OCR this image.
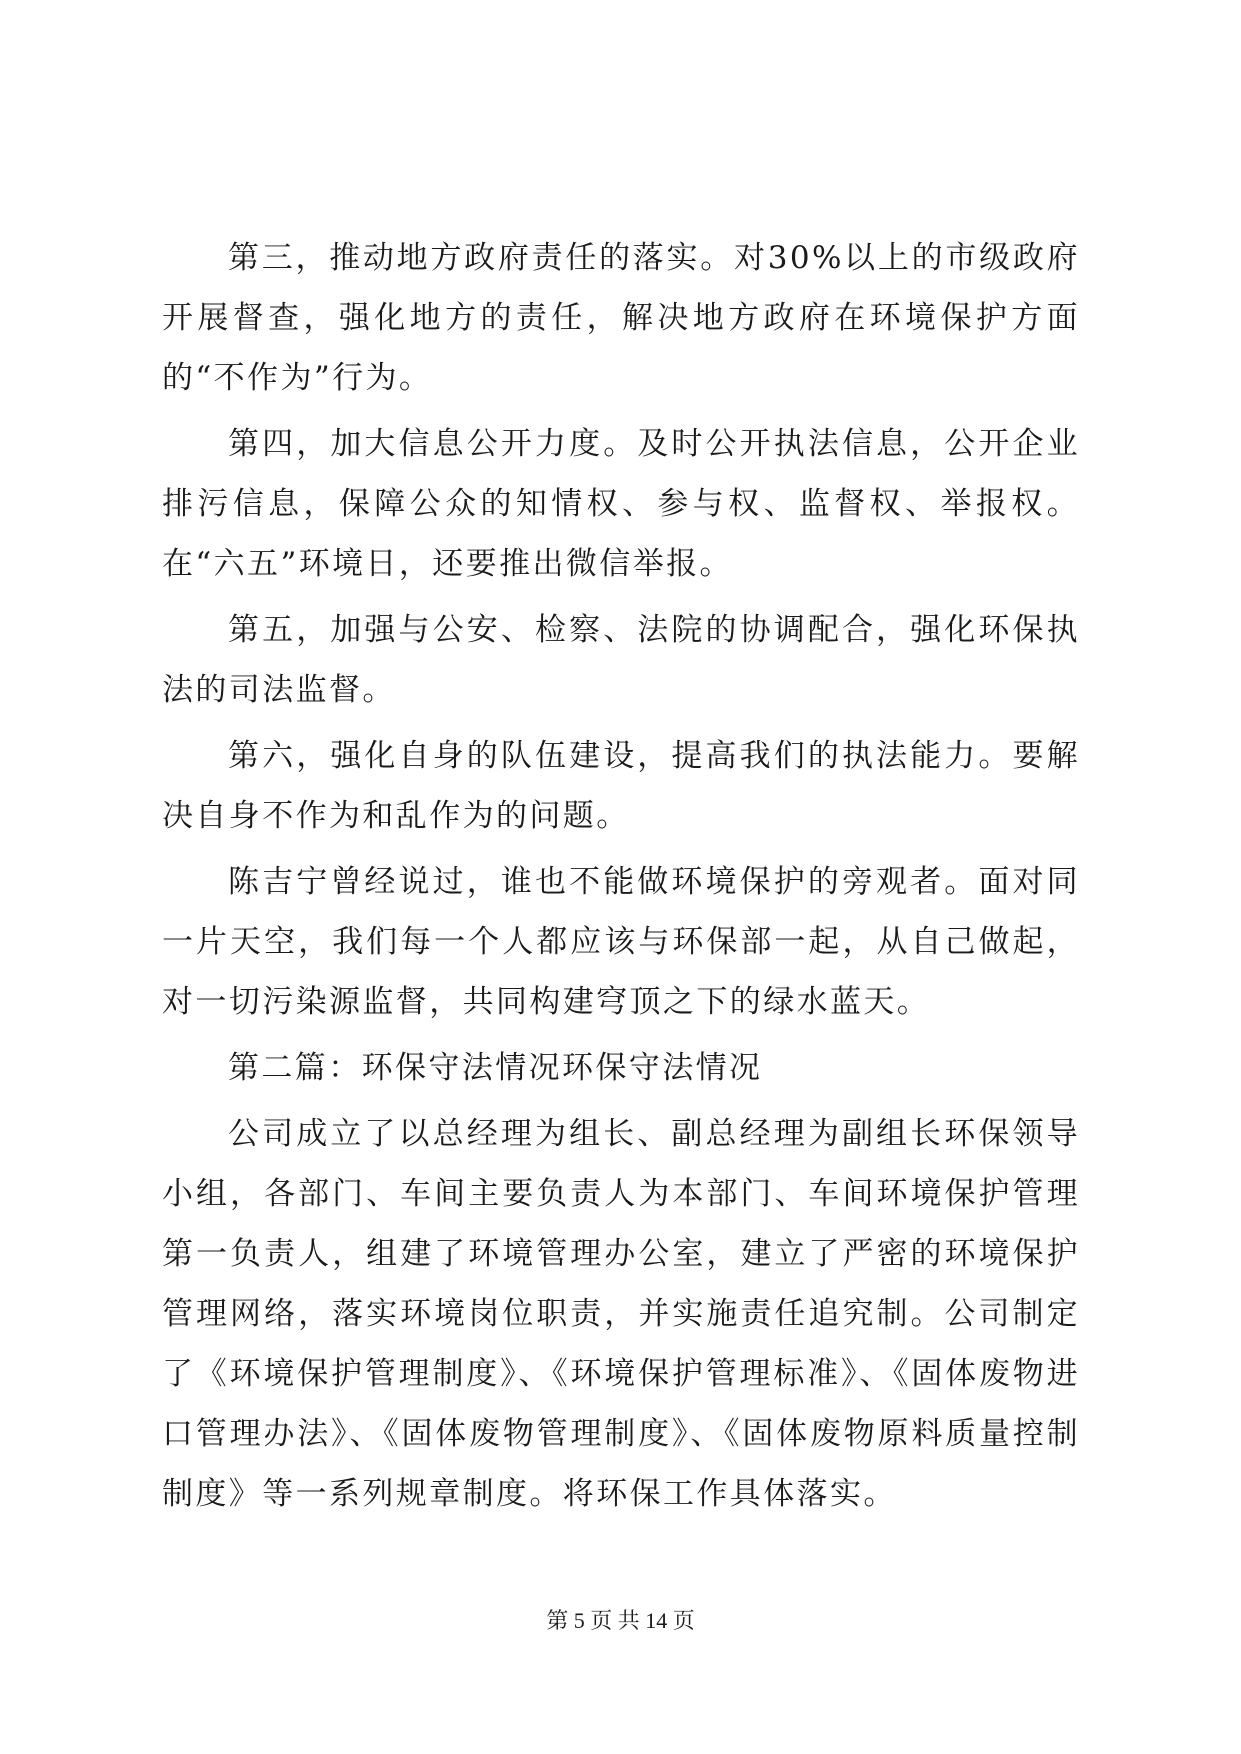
第三，推动地方政府责任的落实。对30%以上的市级政府开展督查，强化地方的责任，解决地方政府在环境保护方面的“不作为”行为。

第四，加大信息公开力度。及时公开执法信息，公开企业排污信息，保障公众的知情权、参与权、监督权、举报权。在“六五”环境日，还要推出微信举报。

第五，加强与公安、检察、法院的协调配合，强化环保执法的司法监督。

第六，强化自身的队伍建设，提高我们的执法能力。要解决自身不作为和乱作为的问题。

陈吉宁曾经说过，谁也不能做环境保护的旁观者。面对同一片天空，我们每一个人都应该与环保部一起，从自己做起，对一切污染源监督，共同构建穹顶之下的绿水蓝天。

第二篇：环保守法情况环保守法情况

公司成立了以总经理为组长、副总经理为副组长环保领导小组，各部门、车间主要负责人为本部门、车间环境保护管理第一负责人，组建了环境管理办公室，建立了严密的环境保护管理网络，落实环境岗位职责，并实施责任追究制。公司制定了《环境保护管理制度》、《环境保护管理标准》、《固体废物进口管理办法》、《固体废物管理制度》、《固体废物原料质量控制制度》等一系列规章制度。将环保工作具体落实。

第 5 页 共 14 页
